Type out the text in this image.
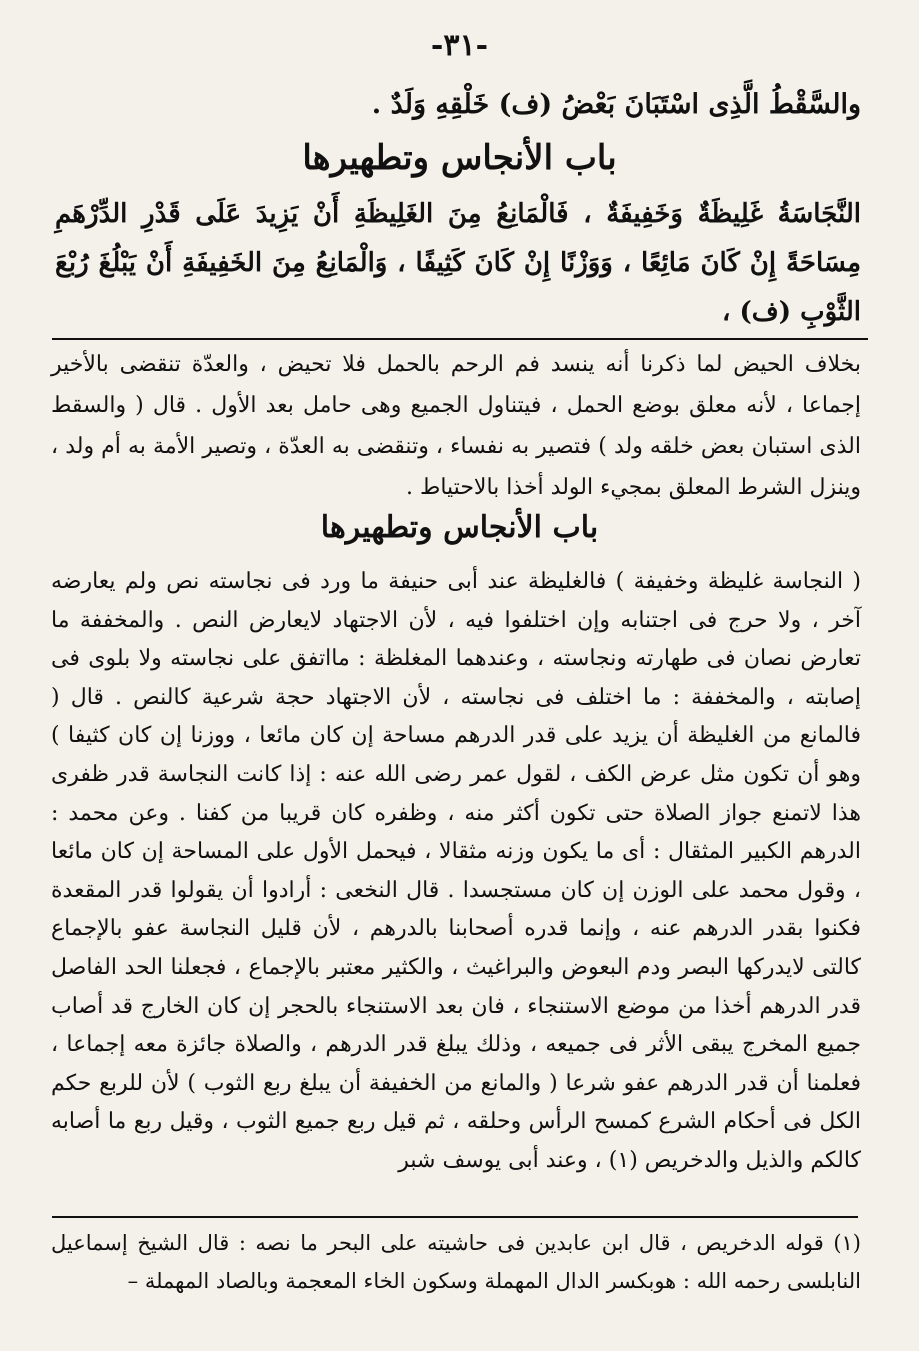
-٣١-
والسَّقْطُ الَّذِى اسْتَبَانَ بَعْضُ (ف) خَلْقِهِ وَلَدٌ .
باب الأنجاس وتطهيرها

النَّجَاسَةُ غَلِيظَةٌ وَخَفِيفَةٌ ، فَالْمَانِعُ مِنَ الغَلِيظَةِ أَنْ يَزِيدَ عَلَى قَدْرِ الدِّرْهَمِ مِسَاحَةً إِنْ كَانَ مَائِعًا ، وَوَزْنًا إِنْ كَانَ كَثِيفًا ، وَالْمَانِعُ مِنَ الخَفِيفَةِ أَنْ يَبْلُغَ رُبْعَ الثَّوْبِ (ف) ،

بخلاف الحيض لما ذكرنا أنه ينسد فم الرحم بالحمل فلا تحيض ، والعدّة تنقضى بالأخير إجماعا ، لأنه معلق بوضع الحمل ، فيتناول الجميع وهى حامل بعد الأول . قال ( والسقط الذى استبان بعض خلقه ولد ) فتصير به نفساء ، وتنقضى به العدّة ، وتصير الأمة به أم ولد ، وينزل الشرط المعلق بمجيء الولد أخذا بالاحتياط .

باب الأنجاس وتطهيرها

( النجاسة غليظة وخفيفة ) فالغليظة عند أبى حنيفة ما ورد فى نجاسته نص ولم يعارضه آخر ، ولا حرج فى اجتنابه وإن اختلفوا فيه ، لأن الاجتهاد لايعارض النص . والمخففة ما تعارض نصان فى طهارته ونجاسته ، وعندهما المغلظة : مااتفق على نجاسته ولا بلوى فى إصابته ، والمخففة : ما اختلف فى نجاسته ، لأن الاجتهاد حجة شرعية كالنص . قال ( فالمانع من الغليظة أن يزيد على قدر الدرهم مساحة إن كان مائعا ، ووزنا إن كان كثيفا ) وهو أن تكون مثل عرض الكف ، لقول عمر رضى الله عنه : إذا كانت النجاسة قدر ظفرى هذا لاتمنع جواز الصلاة حتى تكون أكثر منه ، وظفره كان قريبا من كفنا . وعن محمد : الدرهم الكبير المثقال : أى ما يكون وزنه مثقالا ، فيحمل الأول على المساحة إن كان مائعا ، وقول محمد على الوزن إن كان مستجسدا . قال النخعى : أرادوا أن يقولوا قدر المقعدة فكنوا بقدر الدرهم عنه ، وإنما قدره أصحابنا بالدرهم ، لأن قليل النجاسة عفو بالإجماع كالتى لايدركها البصر ودم البعوض والبراغيث ، والكثير معتبر بالإجماع ، فجعلنا الحد الفاصل قدر الدرهم أخذا من موضع الاستنجاء ، فان بعد الاستنجاء بالحجر إن كان الخارج قد أصاب جميع المخرج يبقى الأثر فى جميعه ، وذلك يبلغ قدر الدرهم ، والصلاة جائزة معه إجماعا ، فعلمنا أن قدر الدرهم عفو شرعا ( والمانع من الخفيفة أن يبلغ ربع الثوب ) لأن للربع حكم الكل فى أحكام الشرع كمسح الرأس وحلقه ، ثم قيل ربع جميع الثوب ، وقيل ربع ما أصابه كالكم والذيل والدخريص (١) ، وعند أبى يوسف شبر

(١) قوله الدخريص ، قال ابن عابدين فى حاشيته على البحر ما نصه : قال الشيخ إسماعيل النابلسى رحمه الله : هوبكسر الدال المهملة وسكون الخاء المعجمة وبالصاد المهملة –
